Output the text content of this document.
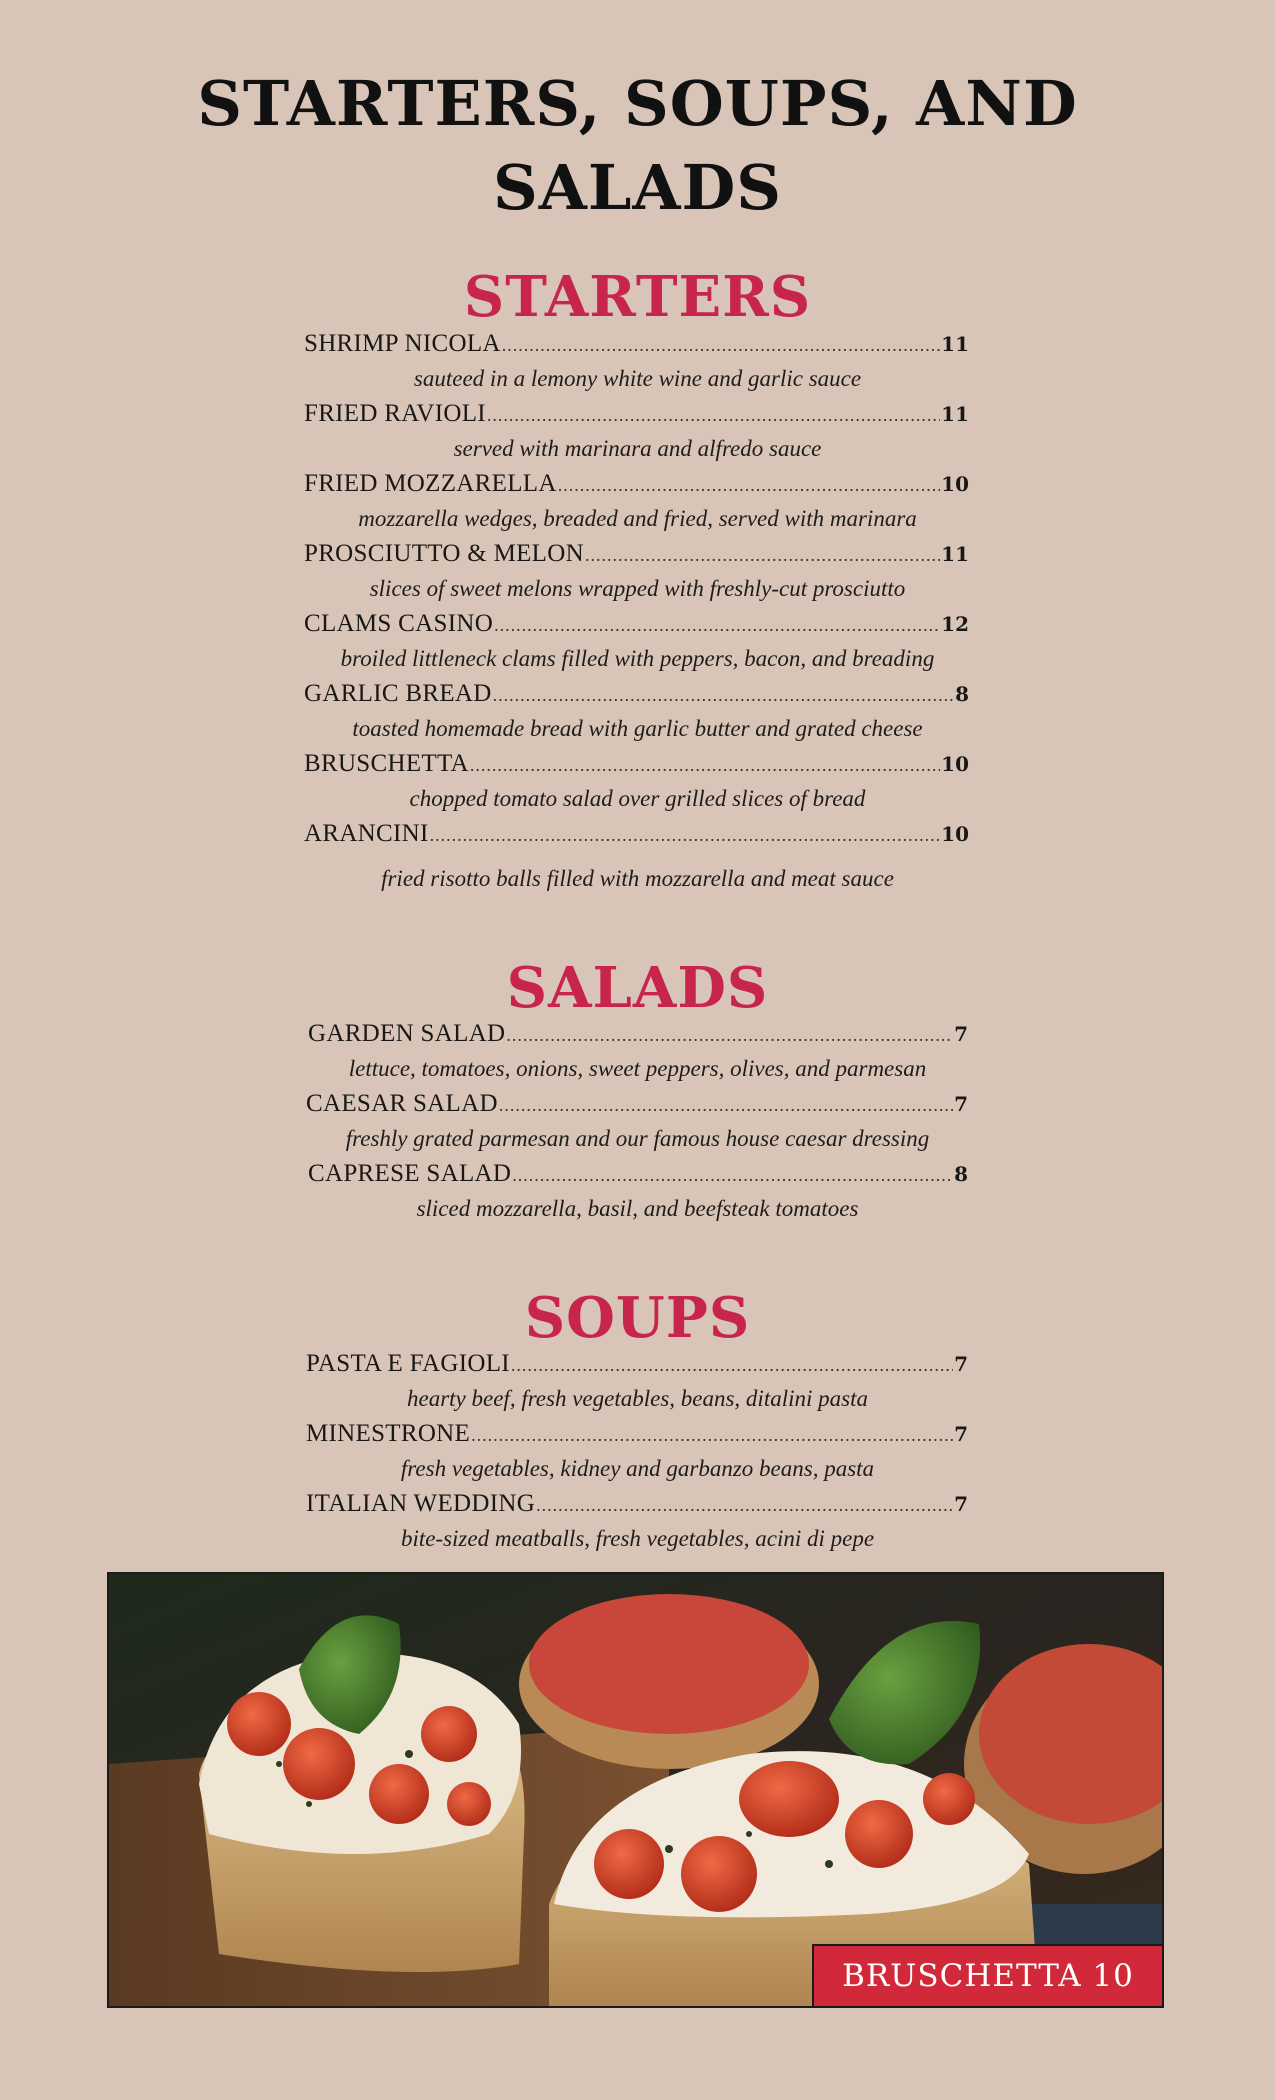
STARTERS, SOUPS, AND
SALADS
STARTERS
SHRIMP NICOLA .....	11
sauteed in a lemony white wine and garlic sauce
FRIED RAVIOLI .....	11
served with marinara and alfredo sauce
FRIED MOZZARELLA .....	10
mozzarella wedges, breaded and fried, served with marinara
PROSCIUTTO & MELON .....	11
slices of sweet melons wrapped with freshly-cut prosciutto
CLAMS CASINO .....	12
broiled littleneck clams filled with peppers, bacon, and breading
GARLIC BREAD .....	8
toasted homemade bread with garlic butter and grated cheese
BRUSCHETTA .....	10
chopped tomato salad over grilled slices of bread
ARANCINI .....	10
fried risotto balls filled with mozzarella and meat sauce
SALADS
GARDEN SALAD .....	7
lettuce, tomatoes, onions, sweet peppers, olives, and parmesan
CAESAR SALAD .....	7
freshly grated parmesan and our famous house caesar dressing
CAPRESE SALAD .....	8
sliced mozzarella, basil, and beefsteak tomatoes
SOUPS
PASTA E FAGIOLI .....	7
hearty beef, fresh vegetables, beans, ditalini pasta
MINESTRONE .....	7
fresh vegetables, kidney and garbanzo beans, pasta
ITALIAN WEDDING .....	7
bite-sized meatballs, fresh vegetables, acini di pepe
BRUSCHETTA 10
